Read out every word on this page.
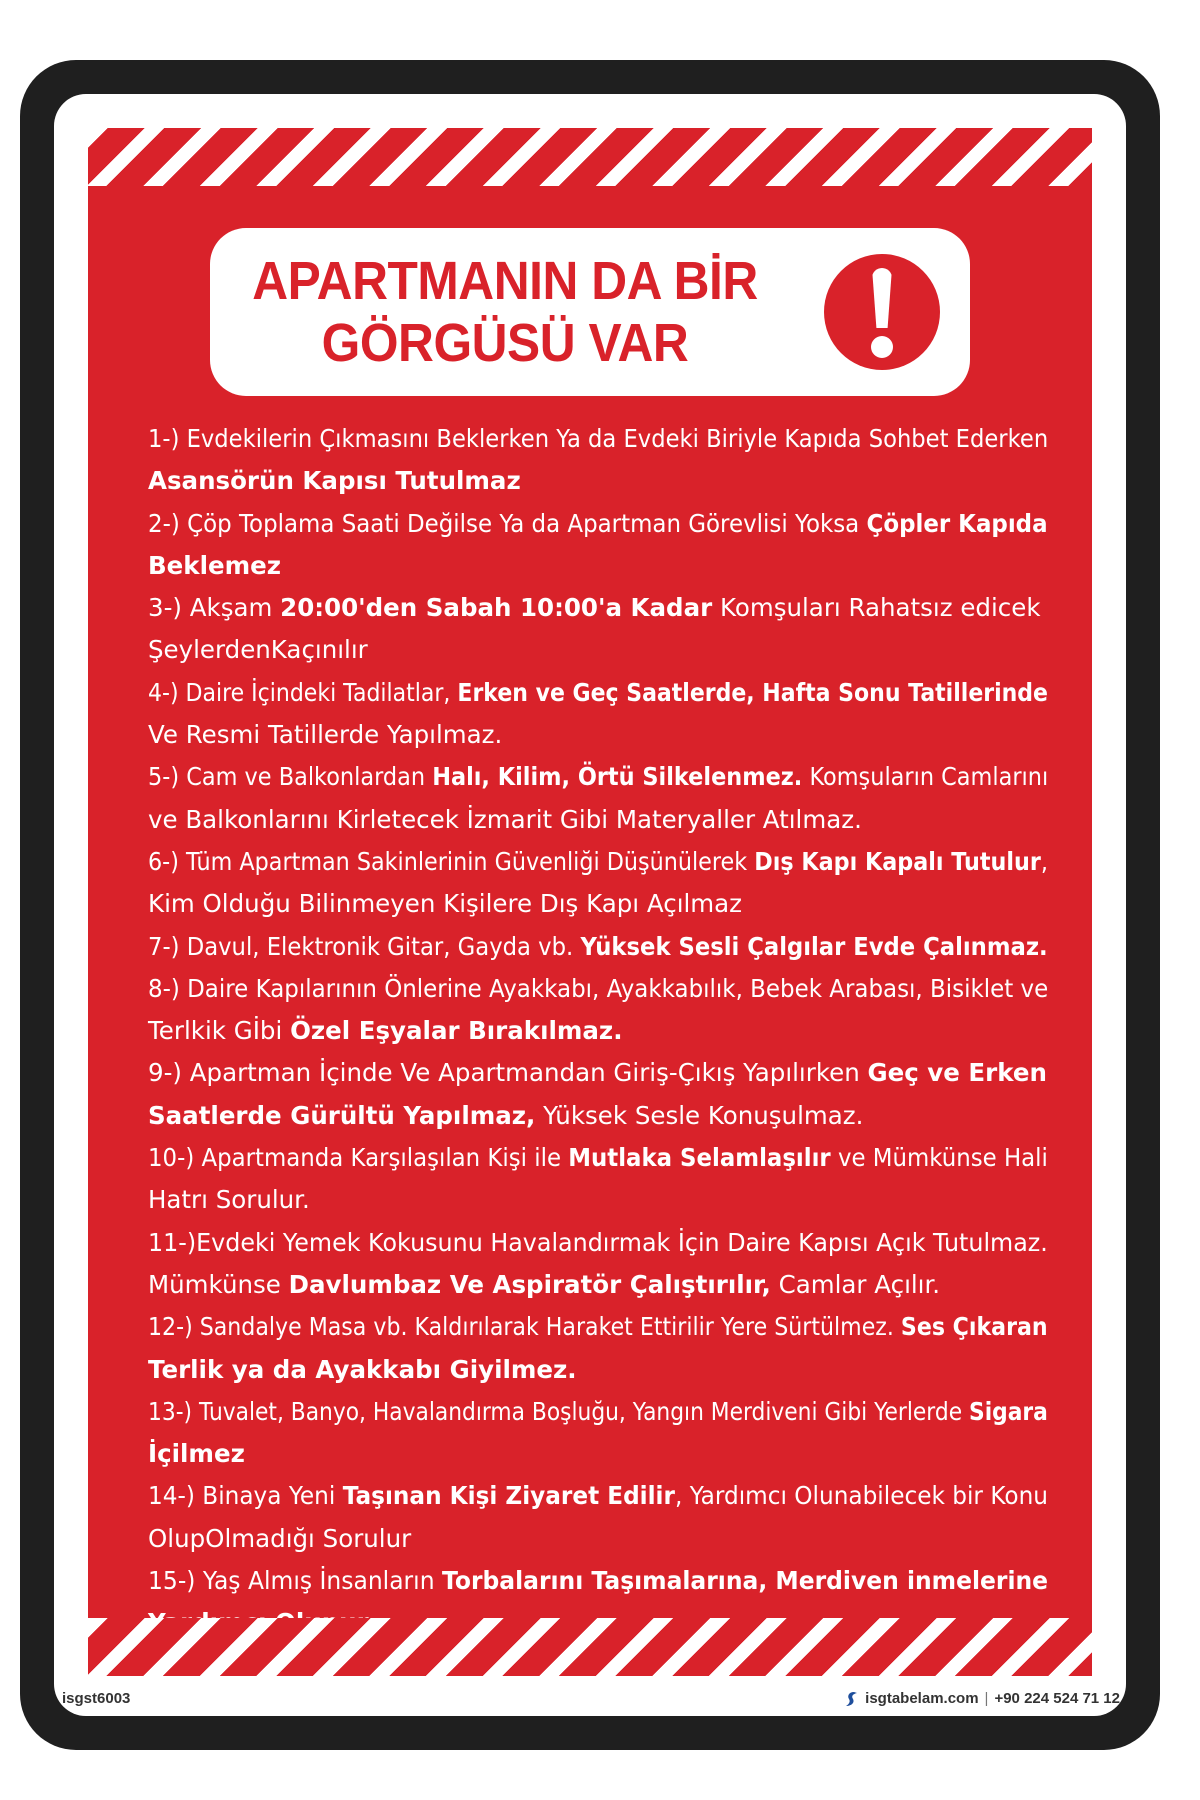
APARTMANIN DA BİR
GÖRGÜSÜ VAR
1-) Evdekilerin Çıkmasını Beklerken Ya da Evdeki Biriyle Kapıda Sohbet Ederken
Asansörün Kapısı Tutulmaz
2-) Çöp Toplama Saati Değilse Ya da Apartman Görevlisi Yoksa Çöpler Kapıda
Beklemez
3-) Akşam 20:00'den Sabah 10:00'a Kadar Komşuları Rahatsız edicek
ŞeylerdenKaçınılır
4-) Daire İçindeki Tadilatlar, Erken ve Geç Saatlerde, Hafta Sonu Tatillerinde
Ve Resmi Tatillerde Yapılmaz.
5-) Cam ve Balkonlardan Halı, Kilim, Örtü Silkelenmez. Komşuların Camlarını
ve Balkonlarını Kirletecek İzmarit Gibi Materyaller Atılmaz.
6-) Tüm Apartman Sakinlerinin Güvenliği Düşünülerek Dış Kapı Kapalı Tutulur,
Kim Olduğu Bilinmeyen Kişilere Dış Kapı Açılmaz
7-) Davul, Elektronik Gitar, Gayda vb. Yüksek Sesli Çalgılar Evde Çalınmaz.
8-) Daire Kapılarının Önlerine Ayakkabı, Ayakkabılık, Bebek Arabası, Bisiklet ve
Terlkik Gİbi Özel Eşyalar Bırakılmaz.
9-) Apartman İçinde Ve Apartmandan Giriş-Çıkış Yapılırken Geç ve Erken
Saatlerde Gürültü Yapılmaz, Yüksek Sesle Konuşulmaz.
10-) Apartmanda Karşılaşılan Kişi ile Mutlaka Selamlaşılır ve Mümkünse Hali
Hatrı Sorulur.
11-)Evdeki Yemek Kokusunu Havalandırmak İçin Daire Kapısı Açık Tutulmaz.
Mümkünse Davlumbaz Ve Aspiratör Çalıştırılır, Camlar Açılır.
12-) Sandalye Masa vb. Kaldırılarak Haraket Ettirilir Yere Sürtülmez. Ses Çıkaran
Terlik ya da Ayakkabı Giyilmez.
13-) Tuvalet, Banyo, Havalandırma Boşluğu, Yangın Merdiveni Gibi Yerlerde Sigara
İçilmez
14-) Binaya Yeni Taşınan Kişi Ziyaret Edilir, Yardımcı Olunabilecek bir Konu
OlupOlmadığı Sorulur
15-) Yaş Almış İnsanların Torbalarını Taşımalarına, Merdiven inmelerine
isgst6003	isgtabelam.com | +90 224 524 71 12
